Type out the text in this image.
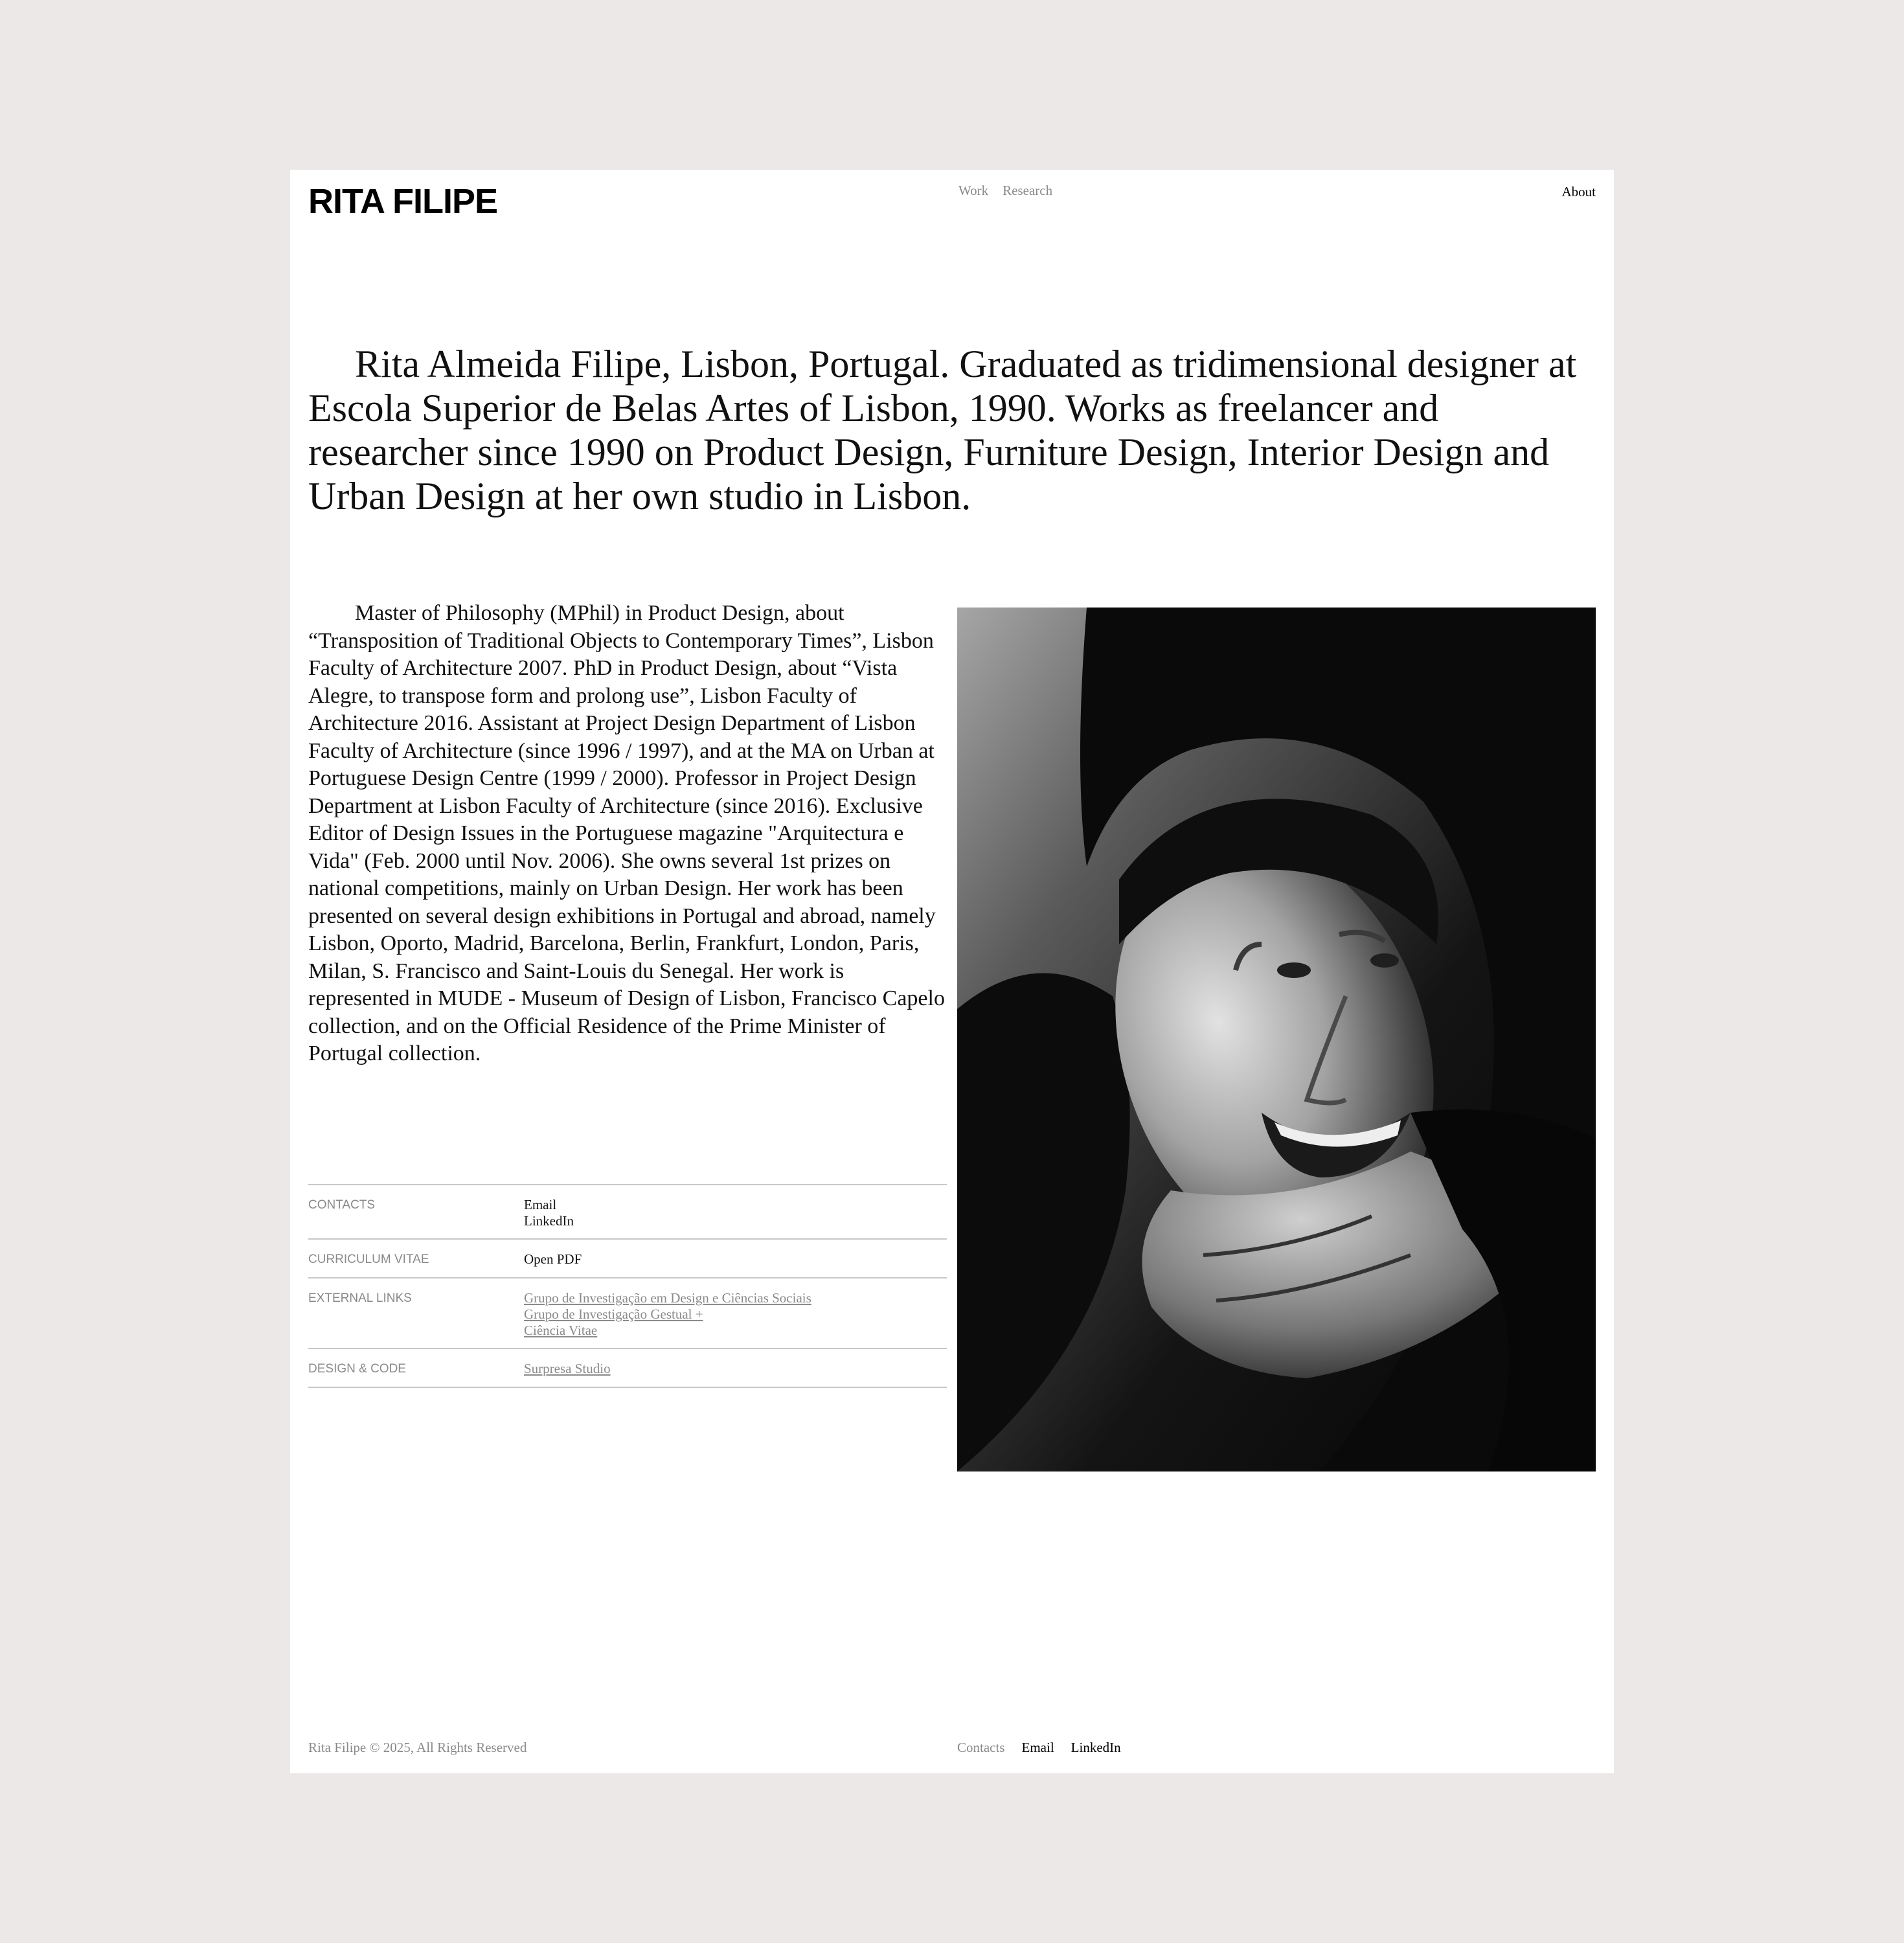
RITA FILIPE	Work Research	About

Rita Almeida Filipe, Lisbon, Portugal. Graduated as tridimensional designer at Escola Superior de Belas Artes of Lisbon, 1990. Works as freelancer and researcher since 1990 on Product Design, Furniture Design, Interior Design and Urban Design at her own studio in Lisbon.

Master of Philosophy (MPhil) in Product Design, about “Transposition of Traditional Objects to Contemporary Times”, Lisbon Faculty of Architecture 2007. PhD in Product Design, about “Vista Alegre, to transpose form and prolong use”, Lisbon Faculty of Architecture 2016. Assistant at Project Design Department of Lisbon Faculty of Architecture (since 1996 / 1997), and at the MA on Urban at Portuguese Design Centre (1999 / 2000). Professor in Project Design Department at Lisbon Faculty of Architecture (since 2016). Exclusive Editor of Design Issues in the Portuguese magazine "Arquitectura e Vida" (Feb. 2000 until Nov. 2006). She owns several 1st prizes on national competitions, mainly on Urban Design. Her work has been presented on several design exhibitions in Portugal and abroad, namely Lisbon, Oporto, Madrid, Barcelona, Berlin, Frankfurt, London, Paris, Milan, S. Francisco and Saint-Louis du Senegal. Her work is represented in MUDE - Museum of Design of Lisbon, Francisco Capelo collection, and on the Official Residence of the Prime Minister of Portugal collection.

CONTACTS	Email
LinkedIn
CURRICULUM VITAE	Open PDF
EXTERNAL LINKS	Grupo de Investigação em Design e Ciências Sociais
Grupo de Investigação Gestual +
Ciência Vitae
DESIGN & CODE	Surpresa Studio
Rita Filipe © 2025, All Rights Reserved	Contacts Email LinkedIn
